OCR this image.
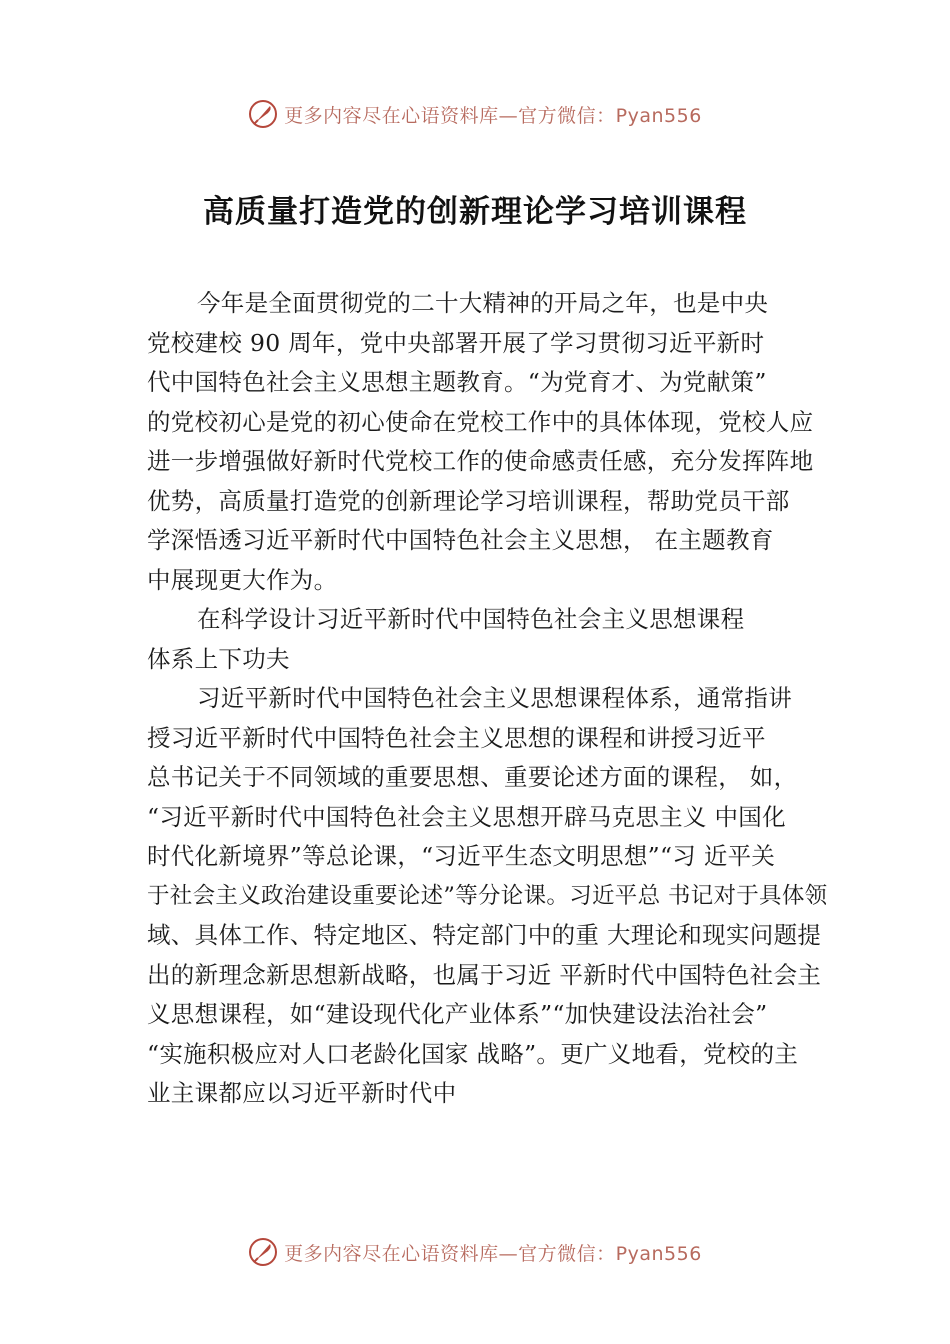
更多内容尽在心语资料库—官方微信：Pyan556
高质量打造党的创新理论学习培训课程
今年是全面贯彻党的二十大精神的开局之年，也是中央
党校建校 90 周年，党中央部署开展了学习贯彻习近平新时
代中国特色社会主义思想主题教育。“为党育才、为党献策”
的党校初心是党的初心使命在党校工作中的具体体现，党校人应
进一步增强做好新时代党校工作的使命感责任感，充分发挥阵地
优势，高质量打造党的创新理论学习培训课程，帮助党员干部
学深悟透习近平新时代中国特色社会主义思想， 在主题教育
中展现更大作为。
在科学设计习近平新时代中国特色社会主义思想课程
体系上下功夫
习近平新时代中国特色社会主义思想课程体系，通常指讲
授习近平新时代中国特色社会主义思想的课程和讲授习近平
总书记关于不同领域的重要思想、重要论述方面的课程， 如，
“习近平新时代中国特色社会主义思想开辟马克思主义 中国化
时代化新境界”等总论课，“习近平生态文明思想”“习 近平关
于社会主义政治建设重要论述”等分论课。习近平总 书记对于具体领
域、具体工作、特定地区、特定部门中的重 大理论和现实问题提
出的新理念新思想新战略，也属于习近 平新时代中国特色社会主
义思想课程，如“建设现代化产业体系”“加快建设法治社会”
“实施积极应对人口老龄化国家 战略”。更广义地看，党校的主
业主课都应以习近平新时代中
更多内容尽在心语资料库—官方微信：Pyan556
